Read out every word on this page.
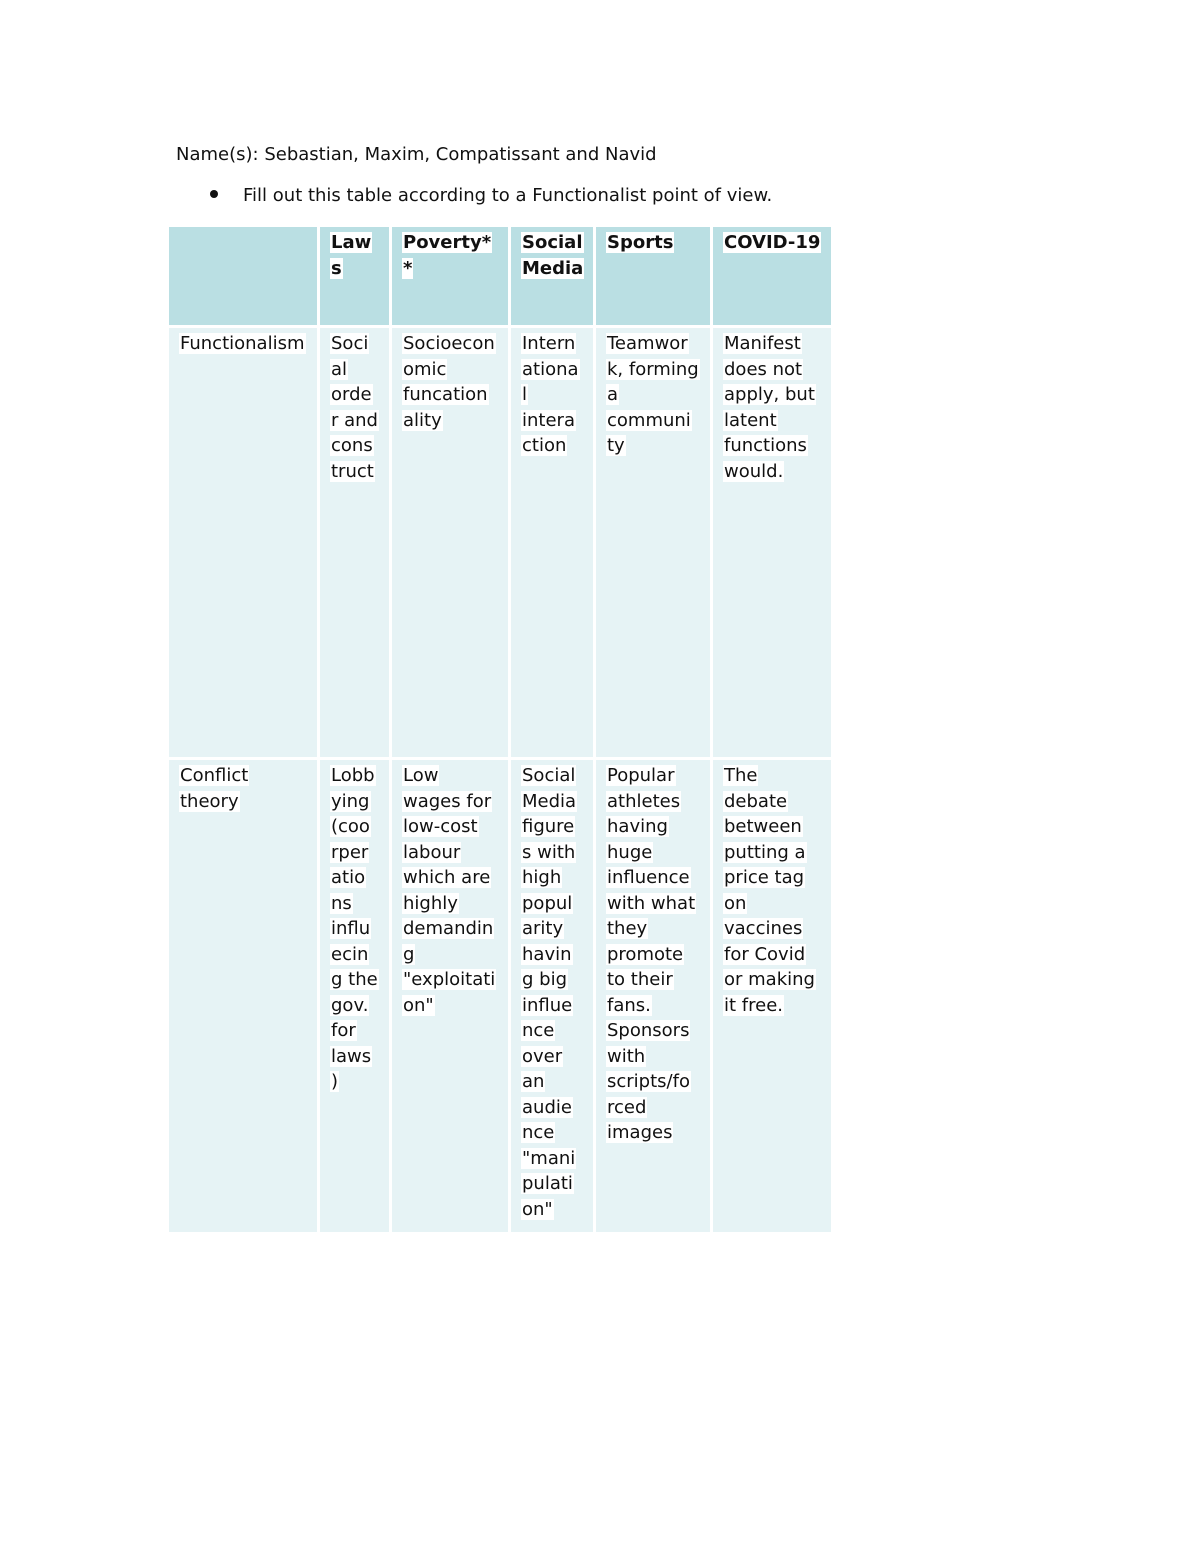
Name(s): Sebastian, Maxim, Compatissant and Navid
Fill out this table according to a Functionalist point of view.
	Laws	Poverty**	Social Media	Sports	COVID-19
Functionalism	Soci al orde r and cons truct	Socioecon omic funcation ality	Intern ationa l intera ction	Teamwor k, forming a communi ty	Manifest does not apply, but latent functions would.
Conflict theory	Lobb ying (coo rper atio ns influ ecin g the gov. for laws )	Low wages for low-cost labour which are highly demandin g "exploitati on"	Social Media figure s with high popul arity havin g big influe nce over an audie nce "mani pulati on"	Popular athletes having huge influence with what they promote to their fans. Sponsors with scripts/fo rced images	The debate between putting a price tag on vaccines for Covid or making it free.
